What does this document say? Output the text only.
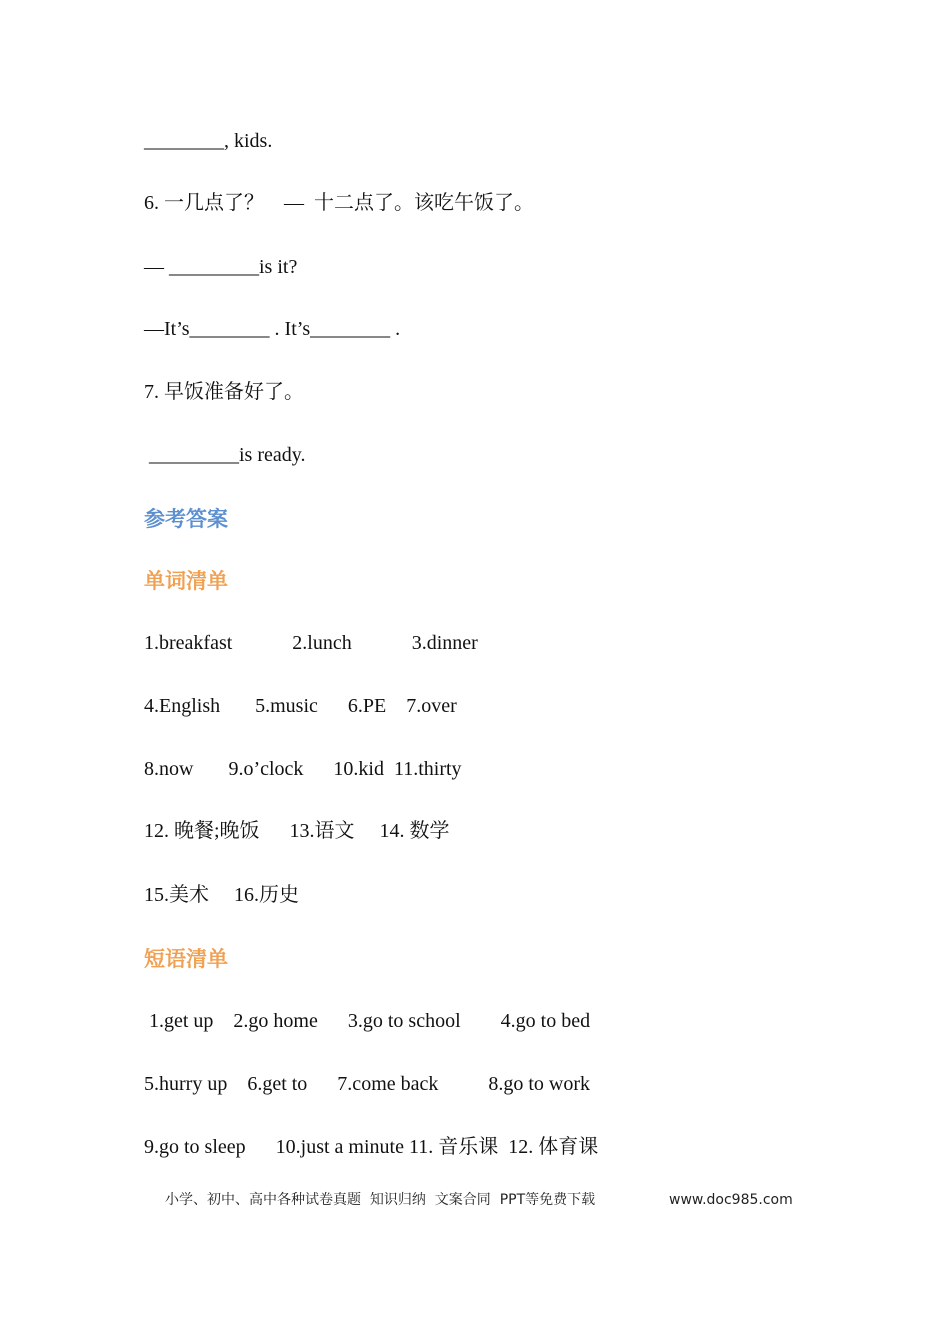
________, kids.
6. 一几点了？    —  十二点了。该吃午饭了。
— _________is it?
—It’s________ . It’s________ .
7. 早饭准备好了。
_________is ready.
参考答案
单词清单
1.breakfast            2.lunch            3.dinner
4.English       5.music      6.PE    7.over
8.now       9.o’clock      10.kid  11.thirty
12. 晚餐;晚饭      13.语文     14. 数学
15.美术     16.历史
短语清单
1.get up    2.go home      3.go to school        4.go to bed
5.hurry up    6.get to      7.come back          8.go to work
9.go to sleep      10.just a minute 11. 音乐课  12. 体育课
小学、初中、高中各种试卷真题  知识归纳  文案合同  PPT等免费下载	www.doc985.com
